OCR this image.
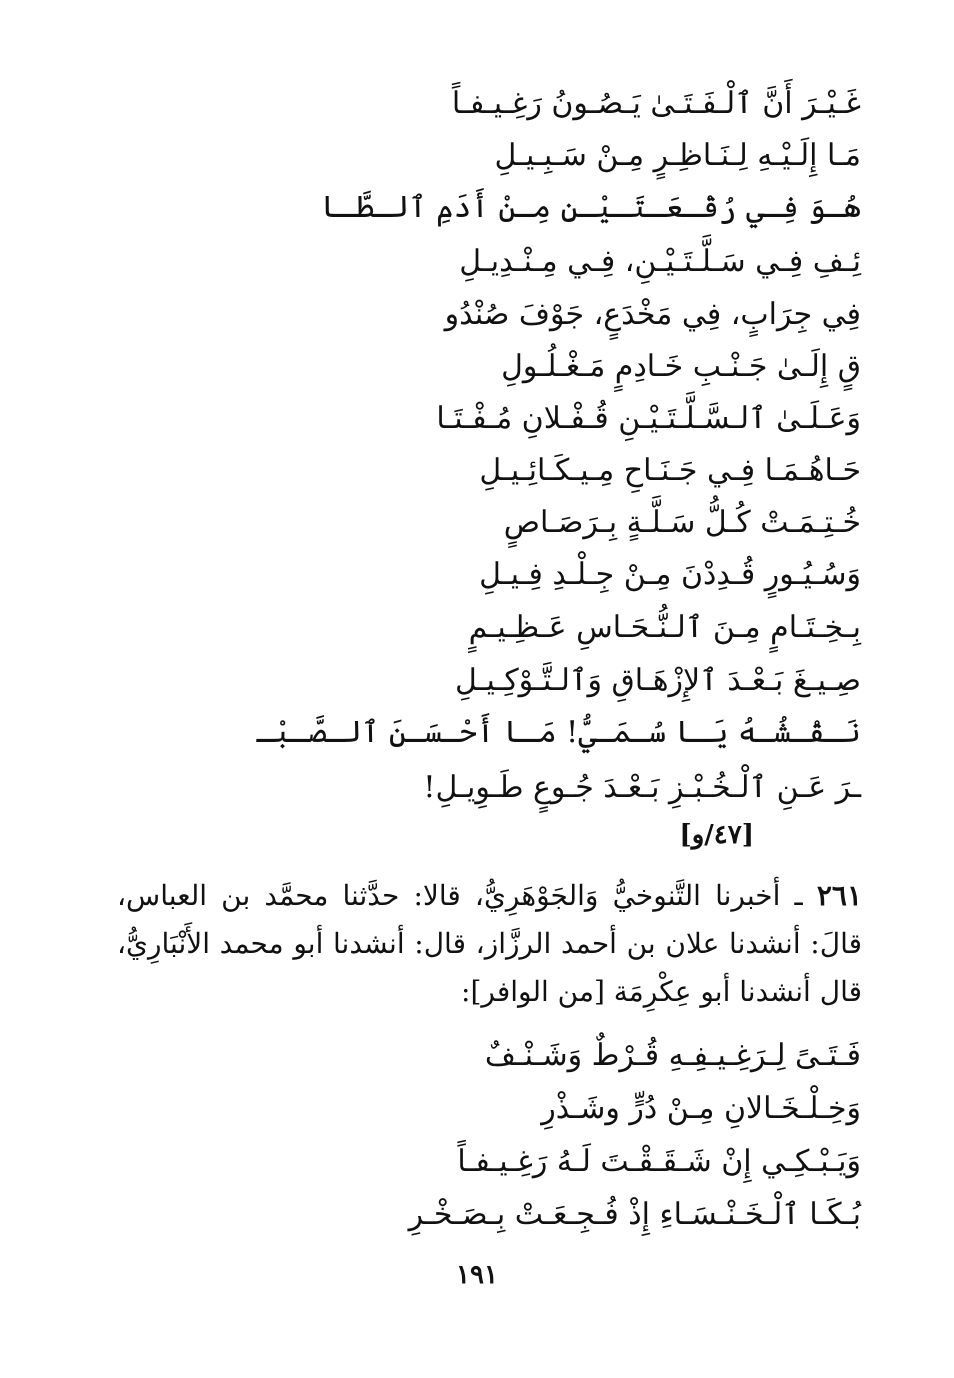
غَـيْـرَ أَنَّ ٱلْـفَـتَـىٰ يَـصُـونُ رَغِـيـفـاً
مَـا إِلَـيْـهِ لِـنَـاظِـرٍ مِـنْ سَـبِـيـلِ
هُـوَ فِـي رُقْـعَـتَـيْـنِ مِـنْ أَدَمِ ٱلـطَّـا
ئِـفِ فِـي سَـلَّـتَـيْـنِ، فِـي مِـنْـدِيـلِ
فِي جِرَابٍ، فِي مَخْدَعٍ، جَوْفَ صُنْدُو
قٍ إِلَـىٰ جَـنْـبِ خَـادِمٍ مَـغْـلُـولِ
وَعَـلَـىٰ ٱلـسَّـلَّـتَـيْـنِ قُـفْـلانِ مُـفْـتَـا
حَـاهُـمَـا فِـي جَـنَـاحِ مِـيـكَـائِـيـلِ
خُـتِـمَـتْ كُـلُّ سَـلَّـةٍ بِـرَصَـاصٍ
وَسُـيُـورٍ قُـدِدْنَ مِـنْ جِـلْـدِ فِـيـلِ
بِـخِـتَـامٍ مِـنَ ٱلـنُّـحَـاسِ عَـظِـيـمٍ
صِـيـغَ بَـعْـدَ ٱلإِزْهَـاقِ وَٱلـتَّـوْكِـيـلِ
نَـقْـشُـهُ يَـا سُـمَـيُّ! مَـا أَحْـسَـنَ ٱلـصَّـبْـ
ـرَ عَـنِ ٱلْـخُـبْـزِ بَـعْـدَ جُـوعٍ طَـوِيـلِ!
[٤٧/و]
٢٦١ ـ أخبرنا التَّنوخيُّ وَالجَوْهَرِيُّ، قالا: حدَّثنا محمَّد بن العباس، قالَ: أنشدنا علان بن أحمد الرزَّاز، قال: أنشدنا أبو محمد الأَنْبَارِيُّ، قال أنشدنا أبو عِكْرِمَة [من الوافر]:
فَـتَـىً لِـرَغِـيـفِـهِ قُـرْطٌ وَشَـنْـفٌ
وَخِـلْـخَـالانِ مِـنْ دُرٍّ وشَـذْرِ
وَيَـبْـكِـي إِنْ شَـقَـقْـتَ لَـهُ رَغِـيـفـاً
بُـكَـا ٱلْـخَـنْـسَـاءِ إِذْ فُـجِـعَـتْ بِـصَـخْـرِ
١٩١
